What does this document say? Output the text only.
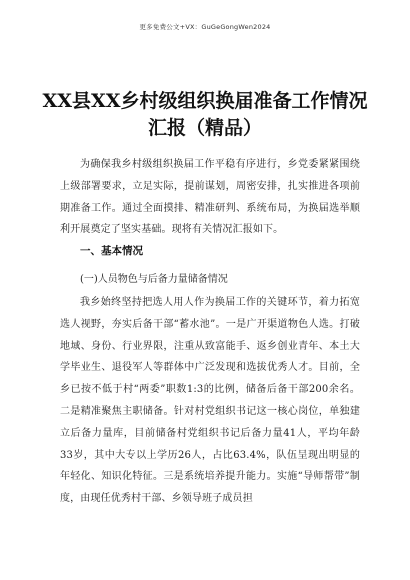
更多免费公文+VX：GuGeGongWen2024
XX县XX乡村级组织换届准备工作情况
汇报（精品）
为确保我乡村级组织换届工作平稳有序进行，乡党委紧紧围绕上级部署要求，立足实际，提前谋划，周密安排，扎实推进各项前期准备工作。通过全面摸排、精准研判、系统布局，为换届选举顺利开展奠定了坚实基础。现将有关情况汇报如下。
一、基本情况
(一)人员物色与后备力量储备情况
我乡始终坚持把选人用人作为换届工作的关键环节，着力拓宽选人视野，夯实后备干部“蓄水池”。一是广开渠道物色人选。打破地域、身份、行业界限，注重从致富能手、返乡创业青年、本土大学毕业生、退役军人等群体中广泛发现和选拔优秀人才。目前，全乡已按不低于村“两委”职数1:3的比例，储备后备干部200余名。二是精准聚焦主职储备。针对村党组织书记这一核心岗位，单独建立后备力量库，目前储备村党组织书记后备力量41人，平均年龄33岁，其中大专以上学历26人，占比63.4%，队伍呈现出明显的年轻化、知识化特征。三是系统培养提升能力。实施“导师帮带”制度，由现任优秀村干部、乡领导班子成员担
